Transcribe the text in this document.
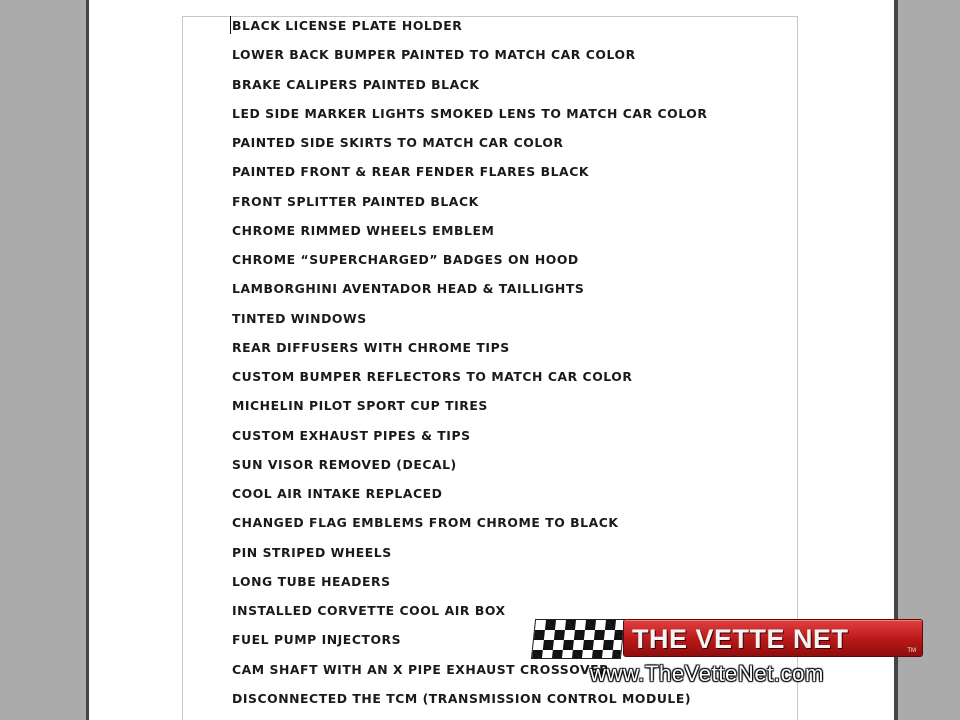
BLACK LICENSE PLATE HOLDER
LOWER BACK BUMPER PAINTED TO MATCH CAR COLOR
BRAKE CALIPERS PAINTED BLACK
LED SIDE MARKER LIGHTS SMOKED LENS TO MATCH CAR COLOR
PAINTED SIDE SKIRTS TO MATCH CAR COLOR
PAINTED FRONT & REAR FENDER FLARES BLACK
FRONT SPLITTER PAINTED BLACK
CHROME RIMMED WHEELS EMBLEM
CHROME “SUPERCHARGED” BADGES ON HOOD
LAMBORGHINI AVENTADOR HEAD & TAILLIGHTS
TINTED WINDOWS
REAR DIFFUSERS WITH CHROME TIPS
CUSTOM BUMPER REFLECTORS TO MATCH CAR COLOR
MICHELIN PILOT SPORT CUP TIRES
CUSTOM EXHAUST PIPES & TIPS
SUN VISOR REMOVED (DECAL)
COOL AIR INTAKE REPLACED
CHANGED FLAG EMBLEMS FROM CHROME TO BLACK
PIN STRIPED WHEELS
LONG TUBE HEADERS
INSTALLED CORVETTE COOL AIR BOX
FUEL PUMP INJECTORS
CAM SHAFT WITH AN X PIPE EXHAUST CROSSOVER
DISCONNECTED THE TCM (TRANSMISSION CONTROL MODULE)
THE VETTE NET	TM
www.TheVetteNet.com
